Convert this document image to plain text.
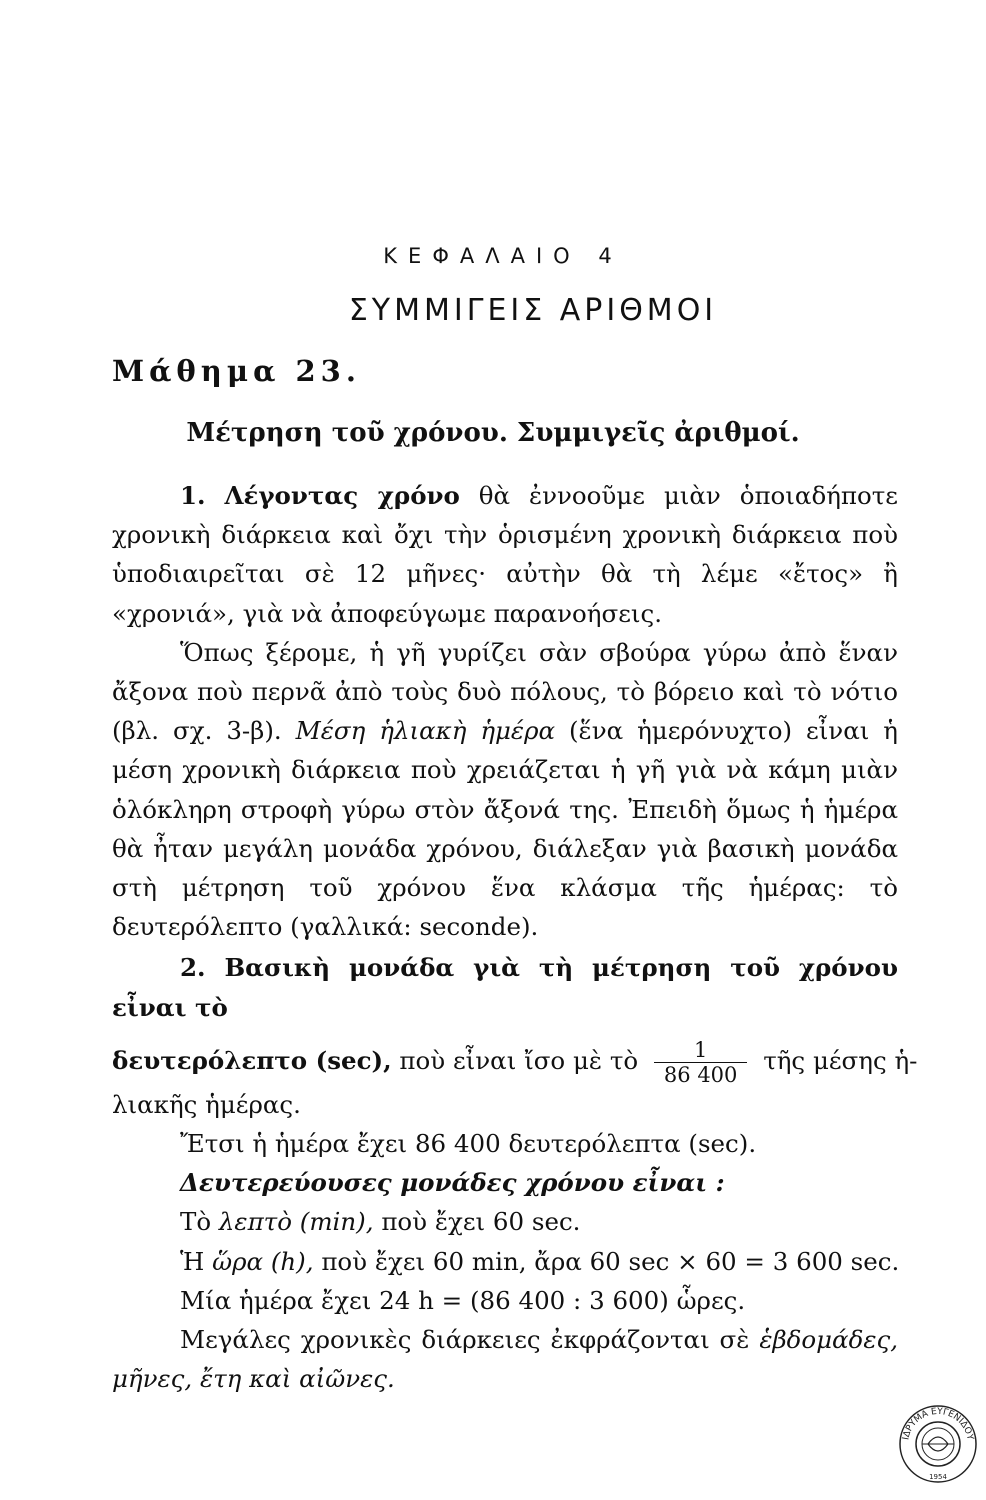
ΚΕΦΑΛΑΙΟ 4
ΣΥΜΜΙΓΕΙΣ ΑΡΙΘΜΟΙ
Μάθημα 23.
Μέτρηση τοῦ χρόνου. Συμμιγεῖς ἀριθμοί.

1. Λέγοντας χρόνο θὰ ἐννοοῦμε μιὰν ὁποιαδήποτε χρονικὴ διάρκεια καὶ ὄχι τὴν ὁρισμένη χρονικὴ διάρκεια ποὺ ὑποδιαιρεῖται σὲ 12 μῆνες· αὐτὴν θὰ τὴ λέμε «ἔτος» ἢ «χρονιά», γιὰ νὰ ἀποφεύγωμε παρανοήσεις.

Ὅπως ξέρομε, ἡ γῆ γυρίζει σὰν σβούρα γύρω ἀπὸ ἕναν ἄξονα ποὺ περνᾶ ἀπὸ τοὺς δυὸ πόλους, τὸ βόρειο καὶ τὸ νότιο (βλ. σχ. 3-β). Μέση ἡλιακὴ ἡμέρα (ἕνα ἡμερόνυχτο) εἶναι ἡ μέση χρονικὴ διάρκεια ποὺ χρειάζεται ἡ γῆ γιὰ νὰ κάμη μιὰν ὁλόκληρη στροφὴ γύρω στὸν ἄξονά της. Ἐπειδὴ ὅμως ἡ ἡμέρα θὰ ἦταν μεγάλη μονάδα χρόνου, διάλεξαν γιὰ βασικὴ μονάδα στὴ μέτρηση τοῦ χρόνου ἕνα κλάσμα τῆς ἡμέρας: τὸ δευτερόλεπτο (γαλλικά: seconde).

2. Βασικὴ μονάδα γιὰ τὴ μέτρηση τοῦ χρόνου εἶναι τὸ

δευτερόλεπτο (sec), ποὺ εἶναι ἴσο μὲ τὸ $\frac{1}{86 400}$ τῆς μέσης ἡ-

λιακῆς ἡμέρας.

Ἔτσι ἡ ἡμέρα ἔχει 86 400 δευτερόλεπτα (sec).

Δευτερεύουσες μονάδες χρόνου εἶναι :

Τὸ λεπτὸ (min), ποὺ ἔχει 60 sec.

Ἡ ὥρα (h), ποὺ ἔχει 60 min, ἄρα 60 sec × 60 = 3 600 sec.

Μία ἡμέρα ἔχει 24 h = (86 400 : 3 600) ὧρες.

Μεγάλες χρονικὲς διάρκειες ἐκφράζονται σὲ ἑβδομάδες, μῆνες, ἔτη καὶ αἰῶνες.

ΙΔΡΥΜΑ ΕΥΓΕΝΙΔΟΥ
1954
